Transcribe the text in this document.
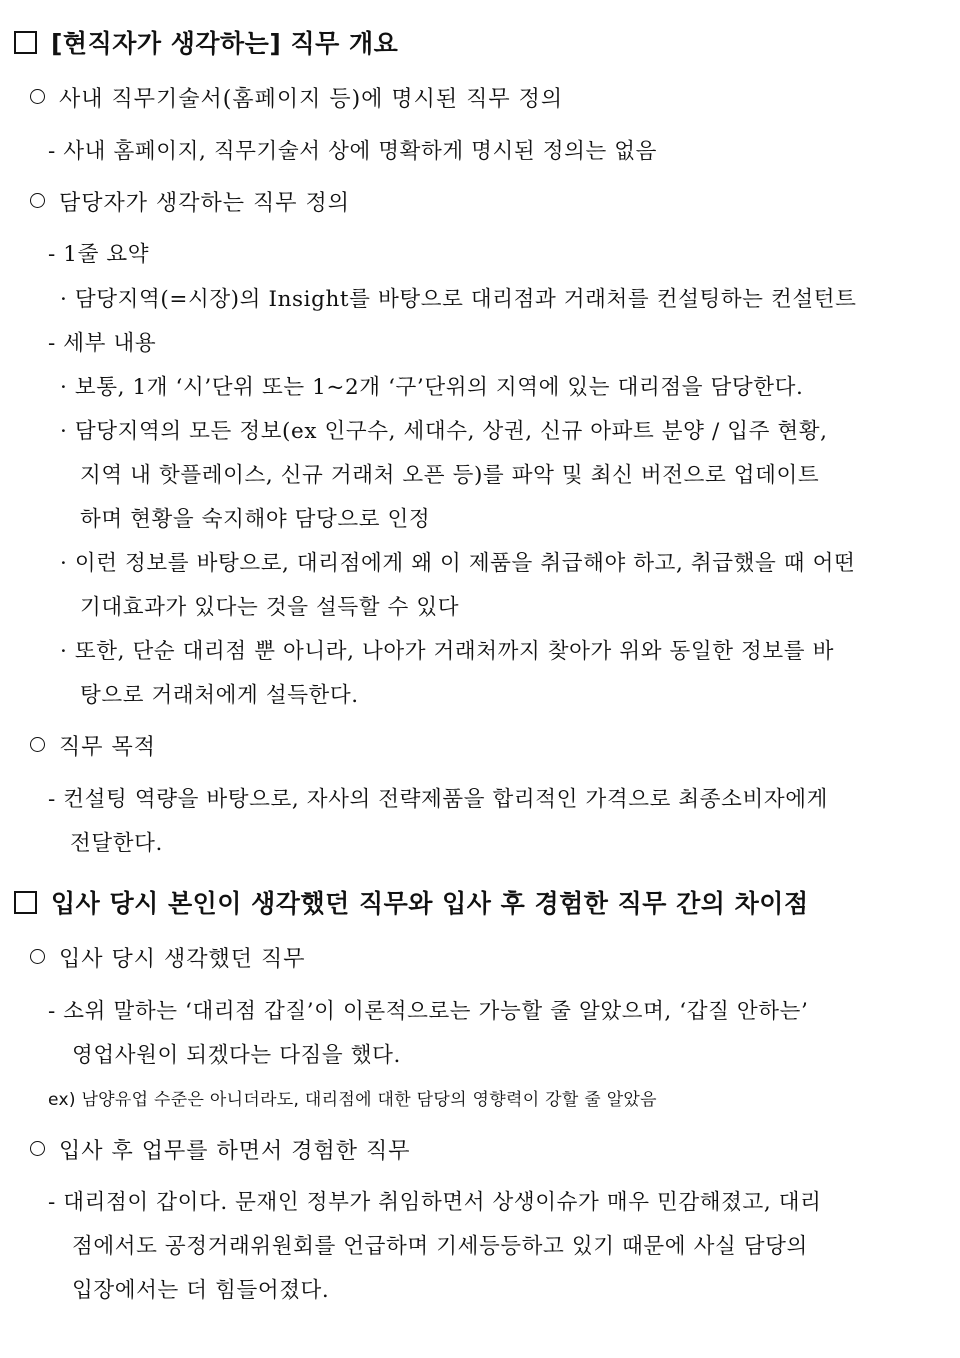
[현직자가 생각하는] 직무 개요
사내 직무기술서(홈페이지 등)에 명시된 직무 정의
- 사내 홈페이지, 직무기술서 상에 명확하게 명시된 정의는 없음
담당자가 생각하는 직무 정의
- 1줄 요약
· 담당지역(=시장)의 Insight를 바탕으로 대리점과 거래처를 컨설팅하는 컨설턴트
- 세부 내용
· 보통, 1개 ‘시’단위 또는 1~2개 ‘구’단위의 지역에 있는 대리점을 담당한다.
· 담당지역의 모든 정보(ex 인구수, 세대수, 상권, 신규 아파트 분양 / 입주 현황,
지역 내 핫플레이스, 신규 거래처 오픈 등)를 파악 및 최신 버전으로 업데이트
하며 현황을 숙지해야 담당으로 인정
· 이런 정보를 바탕으로, 대리점에게 왜 이 제품을 취급해야 하고, 취급했을 때 어떤
기대효과가 있다는 것을 설득할 수 있다
· 또한, 단순 대리점 뿐 아니라, 나아가 거래처까지 찾아가 위와 동일한 정보를 바
탕으로 거래처에게 설득한다.
직무 목적
- 컨설팅 역량을 바탕으로, 자사의 전략제품을 합리적인 가격으로 최종소비자에게
전달한다.
입사 당시 본인이 생각했던 직무와 입사 후 경험한 직무 간의 차이점
입사 당시 생각했던 직무
- 소위 말하는 ‘대리점 갑질’이 이론적으로는 가능할 줄 알았으며, ‘갑질 안하는’
영업사원이 되겠다는 다짐을 했다.
ex) 남양유업 수준은 아니더라도, 대리점에 대한 담당의 영향력이 강할 줄 알았음
입사 후 업무를 하면서 경험한 직무
- 대리점이 갑이다. 문재인 정부가 취임하면서 상생이슈가 매우 민감해졌고, 대리
점에서도 공정거래위원회를 언급하며 기세등등하고 있기 때문에 사실 담당의
입장에서는 더 힘들어졌다.
